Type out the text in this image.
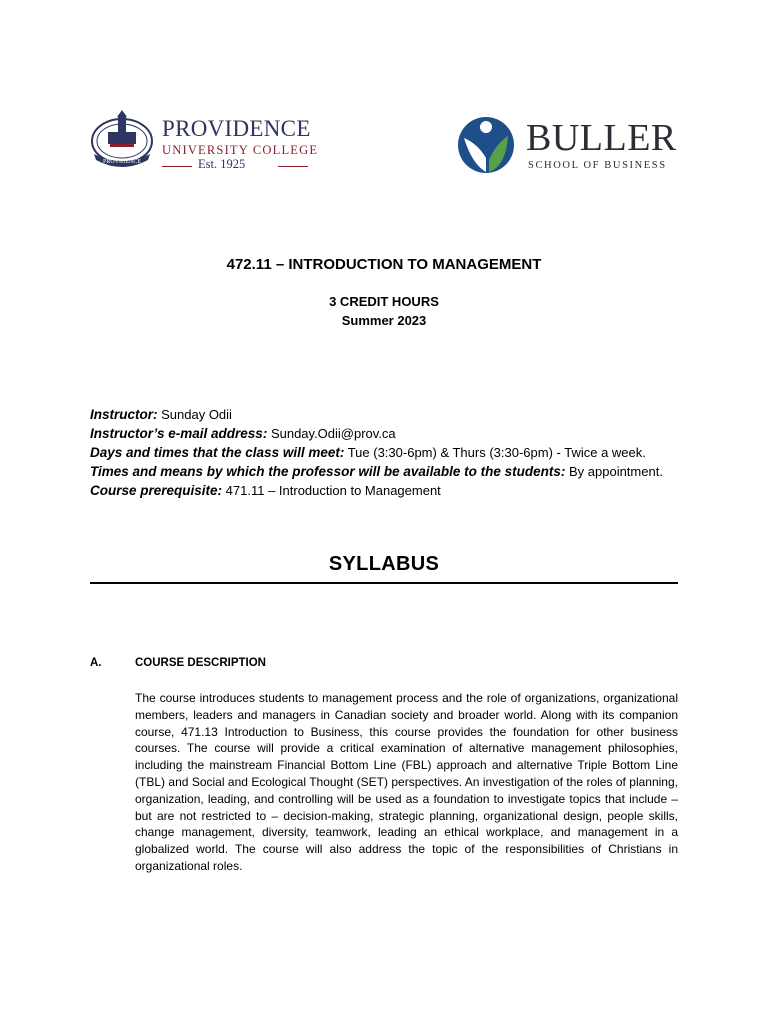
PROVIDENCE
PROVIDENCE
UNIVERSITY COLLEGE
Est. 1925
BULLER
SCHOOL OF BUSINESS
472.11 – INTRODUCTION TO MANAGEMENT
3 CREDIT HOURS
Summer 2023
Instructor: Sunday Odii
Instructor’s e-mail address: Sunday.Odii@prov.ca
Days and times that the class will meet: Tue (3:30-6pm) & Thurs (3:30-6pm) - Twice a week.
Times and means by which the professor will be available to the students: By appointment.
Course prerequisite: 471.11 – Introduction to Management
SYLLABUS
A.	COURSE DESCRIPTION
The course introduces students to management process and the role of organizations, organizational members, leaders and managers in Canadian society and broader world. Along with its companion course, 471.13 Introduction to Business, this course provides the foundation for other business courses. The course will provide a critical examination of alternative management philosophies, including the mainstream Financial Bottom Line (FBL) approach and alternative Triple Bottom Line (TBL) and Social and Ecological Thought (SET) perspectives. An investigation of the roles of planning, organization, leading, and controlling will be used as a foundation to investigate topics that include – but are not restricted to – decision-making, strategic planning, organizational design, people skills, change management, diversity, teamwork, leading an ethical workplace, and management in a globalized world. The course will also address the topic of the responsibilities of Christians in organizational roles.
